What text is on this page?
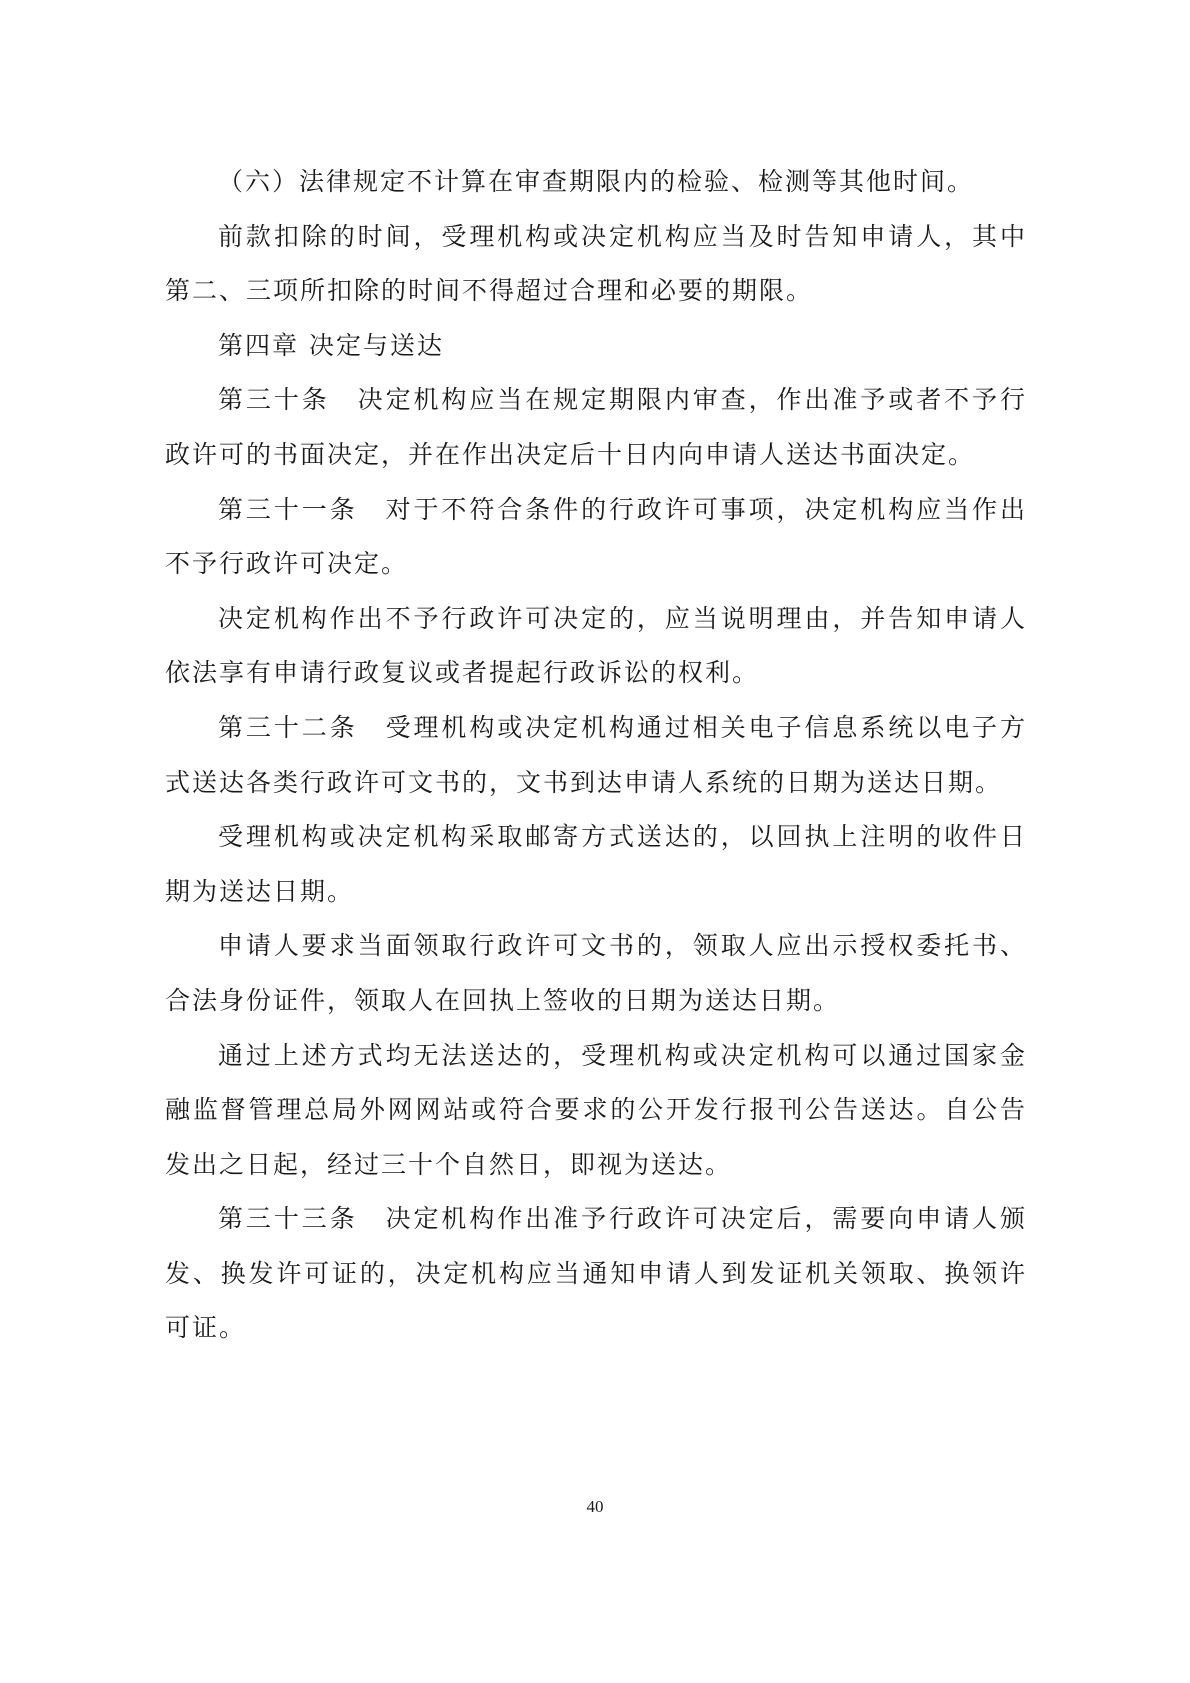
（六）法律规定不计算在审查期限内的检验、检测等其他时间。

前款扣除的时间，受理机构或决定机构应当及时告知申请人，其中第二、三项所扣除的时间不得超过合理和必要的期限。

第四章 决定与送达

第三十条　决定机构应当在规定期限内审查，作出准予或者不予行政许可的书面决定，并在作出决定后十日内向申请人送达书面决定。

第三十一条　对于不符合条件的行政许可事项，决定机构应当作出不予行政许可决定。

决定机构作出不予行政许可决定的，应当说明理由，并告知申请人依法享有申请行政复议或者提起行政诉讼的权利。

第三十二条　受理机构或决定机构通过相关电子信息系统以电子方式送达各类行政许可文书的，文书到达申请人系统的日期为送达日期。

受理机构或决定机构采取邮寄方式送达的，以回执上注明的收件日期为送达日期。

申请人要求当面领取行政许可文书的，领取人应出示授权委托书、合法身份证件，领取人在回执上签收的日期为送达日期。

通过上述方式均无法送达的，受理机构或决定机构可以通过国家金融监督管理总局外网网站或符合要求的公开发行报刊公告送达。自公告发出之日起，经过三十个自然日，即视为送达。

第三十三条　决定机构作出准予行政许可决定后，需要向申请人颁发、换发许可证的，决定机构应当通知申请人到发证机关领取、换领许可证。

40
